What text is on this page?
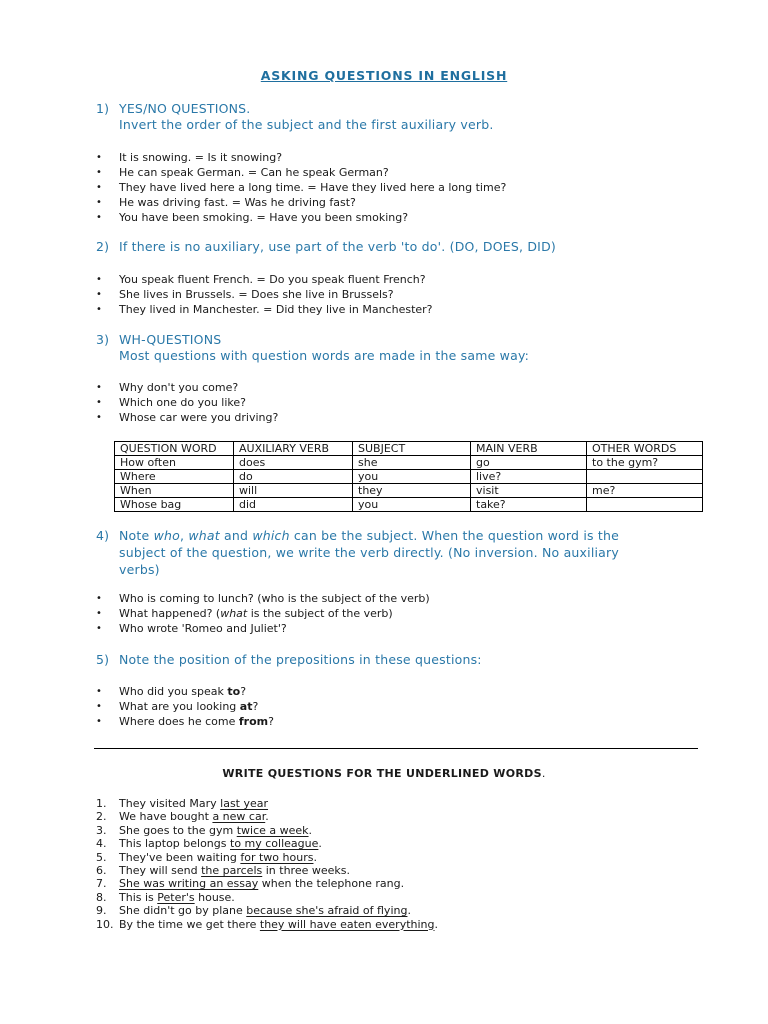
ASKING QUESTIONS IN ENGLISH
1) YES/NO QUESTIONS.
Invert the order of the subject and the first auxiliary verb.
• It is snowing. = Is it snowing?
• He can speak German. = Can he speak German?
• They have lived here a long time. = Have they lived here a long time?
• He was driving fast. = Was he driving fast?
• You have been smoking. = Have you been smoking?
2) If there is no auxiliary, use part of the verb 'to do'. (DO, DOES, DID)
• You speak fluent French. = Do you speak fluent French?
• She lives in Brussels. = Does she live in Brussels?
• They lived in Manchester. = Did they live in Manchester?
3) WH-QUESTIONS
Most questions with question words are made in the same way:
• Why don't you come?
• Which one do you like?
• Whose car were you driving?
QUESTION WORD	AUXILIARY VERB	SUBJECT	MAIN VERB	OTHER WORDS
How often	does	she	go	to the gym?
Where	do	you	live?	
When	will	they	visit	me?
Whose bag	did	you	take?	
4) Note who, what and which can be the subject. When the question word is the
subject of the question, we write the verb directly. (No inversion. No auxiliary
verbs)
• Who is coming to lunch? (who is the subject of the verb)
• What happened? (what is the subject of the verb)
• Who wrote 'Romeo and Juliet'?
5) Note the position of the prepositions in these questions:
• Who did you speak to?
• What are you looking at?
• Where does he come from?
WRITE QUESTIONS FOR THE UNDERLINED WORDS.
1. They visited Mary last year
2. We have bought a new car.
3. She goes to the gym twice a week.
4. This laptop belongs to my colleague.
5. They've been waiting for two hours.
6. They will send the parcels in three weeks.
7. She was writing an essay when the telephone rang.
8. This is Peter's house.
9. She didn't go by plane because she's afraid of flying.
10. By the time we get there they will have eaten everything.
